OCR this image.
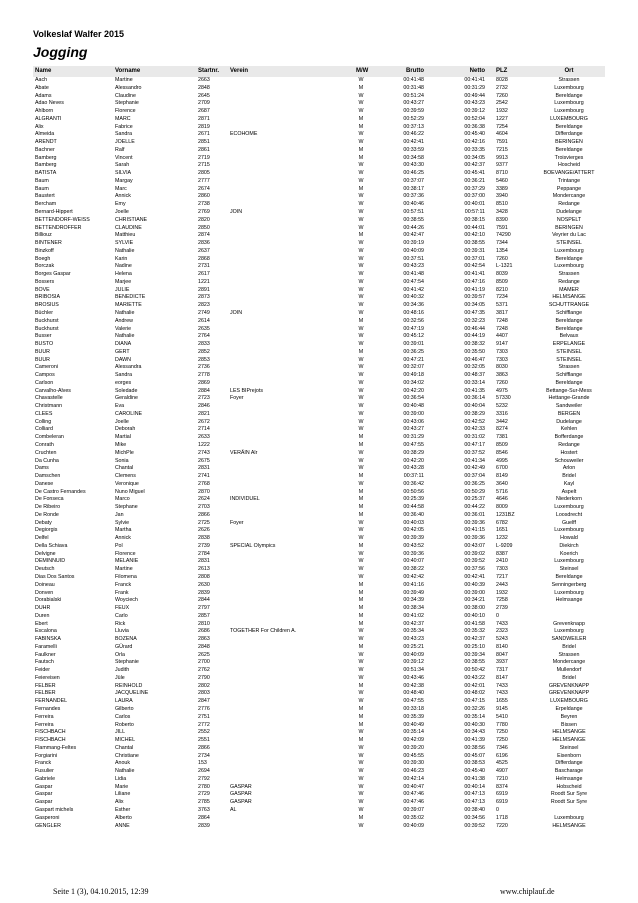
Volkeslaf Walfer 2015
Jogging
Name	Vorname	Startnr. Verein	M/W	Brutto	Netto PLZ	Ort
Aach	Martine	2663	W	00:41:48	00:41:41 8028	Strassen
Abate	Alessandro	2848	M	00:31:48	00:31:29 2732	Luxembourg
Adams	Claudine	2645	W	00:51:24	00:49:44 7260	Bereldange
Adao Neves	Stephanie	2709	W	00:43:27	00:43:23 2542	Luxembourg
Ahlborn	Florence	2687	W	00:39:59	00:39:12 1932	Luxembourg
ALGRANTI	MARC	2871	M	00:52:29	00:52:04 1227	LUXEMBOURG
Alix	Fabrice	2819	M	00:37:13	00:36:38 7254	Bereldange
Almeida	Sandra	2671	ECOHOME	W	00:46:22	00:45:40 4604	Differdange
ARENDT	JOELLE	2851	W	00:42:41	00:42:16 7591	BERINGEN
Bachner	Ralf	2861	M	00:33:59	00:33:35 7215	Bereldange
Bamberg	Vincent	2719	M	00:34:58	00:34:05 9913	Troisvierges
Bamberg	Sarah	2715	W	00:43:30	00:42:37 9377	Hoscheid
BATISTA	SILVIA	2805	W	00:46:25	00:45:41 8710	BOEVANGE/ATTERT
Baum	Margay	2777	W	00:37:07	00:36:21 5460	Trintange
Baum	Marc	2674	M	00:38:17	00:37:29 3389	Peppange
Baustert	Annick	2860	W	00:37:36	00:37:00 3940	Mondercange
Bercham	Emy	2738	W	00:40:46	00:40:01 8510	Redange
Bernard-Hippert	Joelle	2769	JOIN	W	00:57:51	00:57:11 3428	Dudelange
BETTENDORF-WEISS	CHRISTIANE	2820	W	00:38:55	00:38:15 8390	NOSPELT
BETTENDROFFER	CLAUDINE	2850	W	00:44:26	00:44:01 7591	BERINGEN
Billiouz	Matthieu	2874	M	00:42:47	00:42:10 74290	Veyrier du Lac
BINTENER	SYLVIE	2836	W	00:39:19	00:38:55 7344	STEINSEL
Binzkoff	Nathalie	2637	W	00:40:09	00:39:31 1354	Luxembourg
Boegh	Karin	2868	W	00:37:51	00:37:01 7260	Bereldange
Borczak	Nadine	2731	W	00:43:23	00:42:54 L-1321	Luxembourg
Borges Gaspar	Helena	2617	W	00:41:48	00:41:41 8039	Strassen
Bossers	Marjee	1221	W	00:47:54	00:47:16 8509	Redange
BOVE	JULIE	2891	W	00:41:42	00:41:19 8210	MAMER
BRIBOSIA	BENEDICTE	2873	W	00:40:32	00:39:57 7234	HELMSANGE
BROSIUS	MARIETTE	2823	W	00:34:36	00:34:05 5371	SCHUTTRANGE
Büchler	Nathalie	2749	JOIN	W	00:48:16	00:47:35 3817	Schifflange
Buckhurst	Andrew	2614	M	00:32:56	00:32:23 7248	Bereldange
Buckhurst	Valerie	2635	W	00:47:19	00:46:44 7248	Bereldange
Busser	Nathalie	2764	W	00:45:12	00:44:19 4407	Belvaux
BUSTO	DIANA	2833	W	00:39:01	00:38:32 9147	ERPELANGE
BUUR	GERT	2852	M	00:36:25	00:35:50 7303	STEINSEL
BUUR	DAWN	2853	W	00:47:21	00:46:47 7303	STEINSEL
Cameroni	Alessandra	2736	W	00:32:07	00:32:05 8030	Strassen
Campos	Sandra	2778	W	00:49:18	00:48:37 3863	Schifflange
Carlson	eorges	2869	W	00:34:02	00:33:14 7260	Bereldange
Carvalho-Alves	Soledade	2884	LES BIPrejots	W	00:42:20	00:41:35 4975	Bettange-Sur-Mess
Chavastelle	Geraldine	2723	Foyer	W	00:36:54	00:36:14 57330	Hettange-Grande
Christmann	Eva	2846	W	00:40:48	00:40:04 5232	Sandweiler
CLEES	CAROLINE	2821	W	00:39:00	00:38:29 3316	BERGEN
Colling	Joelle	2672	W	00:43:06	00:42:52 3442	Dudelange
Colliard	Deborah	2714	W	00:43:27	00:42:33 8274	Kehlen
Combeleran	Martial	2633	M	00:31:29	00:31:02 7381	Bofferdange
Conrath	Mike	1222	M	00:47:55	00:47:17 8509	Redange
Cruchten	MichPle	2743	VERÄIN Alr	W	00:38:29	00:37:52 8546	Hostert
Da Cunha	Sonia	2675	W	00:42:20	00:41:34 4995	Schouweiler
Dams	Chantal	2831	W	00:43:28	00:42:49 6700	Arlon
Damschen	Clemens	2741	M	00:37:11	00:37:04 8149	Bridel
Danese	Veronique	2768	W	00:36:42	00:36:25 3640	Kayl
De Castro Fernandes	Nuno Miguel	2870	M	00:50:56	00:50:29 5716	Aspelt
De Fonseca	Marco	2624	INDIVIDUEL	M	00:25:39	00:25:37 4646	Niederkorn
De Ribeiro	Stephane	2703	M	00:44:58	00:44:22 8009	Luxembourg
De Ronde	Jan	2866	M	00:36:40	00:36:01 1231BZ	Loosdrecht
Debaty	Sylvie	2725	Foyer	W	00:40:03	00:39:36 6782	Guelff
Degiorgis	Martha	2626	W	00:42:05	00:41:15 1651	Luxembourg
Delfel	Annick	2838	W	00:39:39	00:39:36 1232	Howald
Della Schiava	Pol	2739	SPECIAL Olympics	M	00:43:52	00:43:07 L-9209	Diekirch
Delvigne	Florence	2784	W	00:39:36	00:39:02 8387	Koerich
DEMINNUID	MELANIE	2831	W	00:40:07	00:39:52 2410	Luxembourg
Deutsch	Martine	2613	W	00:38:22	00:37:56 7303	Steinsel
Dias Dos Santos	Filomena	2808	W	00:42:42	00:42:41 7217	Bereldange
Doineau	Franck	2630	M	00:41:16	00:40:39 2443	Senningerberg
Donven	Frank	2839	M	00:39:49	00:39:00 1932	Luxembourg
Dorabialski	Woyciech	2844	M	00:34:39	00:34:21 7258	Helmsange
DUHR	FEUX	2797	M	00:38:34	00:38:00 2739
Duren	Carlo	2857	M	00:41:02	00:40:10 0
Ebert	Rick	2810	M	00:42:37	00:41:58 7433	Grevenknapp
Escalona	Lluvia	2686	TOGETHER For Children A.	W	00:35:34	00:35:32 2323	Luxembourg
FABINSKA	BOZENA	2863	W	00:43:23	00:42:37 5243	SANDWEILER
Faramelli	GÜrard	2848	M	00:25:21	00:25:10 8140	Bridel
Faulkner	Orla	2625	W	00:40:09	00:39:34 8047	Strassen
Fautsch	Stephanie	2700	W	00:39:12	00:38:55 3937	Mondercange
Feider	Judith	2762	W	00:51:34	00:50:42 7317	Mullendorf
Feiereisen	Jüle	2790	W	00:43:46	00:43:22 8147	Bridel
FELBER	REINHOLD	2802	M	00:42:38	00:42:01 7433	GREVENKNAPP
FELBER	JACQUELINE	2803	W	00:48:40	00:48:02 7433	GREVENKNAPP
FERNANDEL	LAURA	2847	W	00:47:55	00:47:15 1655	LUXEMBOURG
Fernandes	Gilberto	2776	M	00:33:18	00:32:26 9145	Erpeldange
Ferreira	Carlos	2751	M	00:35:39	00:35:14 5410	Beyren
Ferreira	Roberto	2772	M	00:40:49	00:40:30 7780	Bissen
FISCHBACH	JILL	2552	W	00:35:14	00:34:43 7250	HELMSANGE
FISCHBACH	MICHEL	2551	M	00:42:09	00:41:39 7250	HELMSANGE
Flammang-Feltes	Chantal	2866	W	00:39:20	00:38:56 7346	Steinsel
Forgiarini	Christiane	2734	W	00:45:55	00:45:07 6196	Eisenborn
Franck	Anouk	153	W	00:39:30	00:38:53 4525	Differdange
Fusulier	Nathalie	2694	W	00:46:23	00:45:40 4907	Bascharage
Gabriele	Lidia	2792	W	00:42:14	00:41:38 7210	Helmsange
Gaspar	Marie	2780	GASPAR	W	00:40:47	00:40:14 8374	Hobscheid
Gaspar	Liliane	2729	GASPAR	W	00:47:46	00:47:13 6919	Roodt Sur Syre
Gaspar	Alix	2785	GASPAR	W	00:47:46	00:47:13 6919	Roodt Sur Syre
Gaspart michels	Esther	3763	AL	W	00:39:07	00:38:40 0
Gasperoni	Alberto	2864	M	00:35:02	00:34:56 1718	Luxembourg
GENGLER	ANNE	2839	W	00:40:09	00:39:52 7220	HELMSANGE
Seite 1 (3), 04.10.2015, 12:39	www.chiplauf.de
